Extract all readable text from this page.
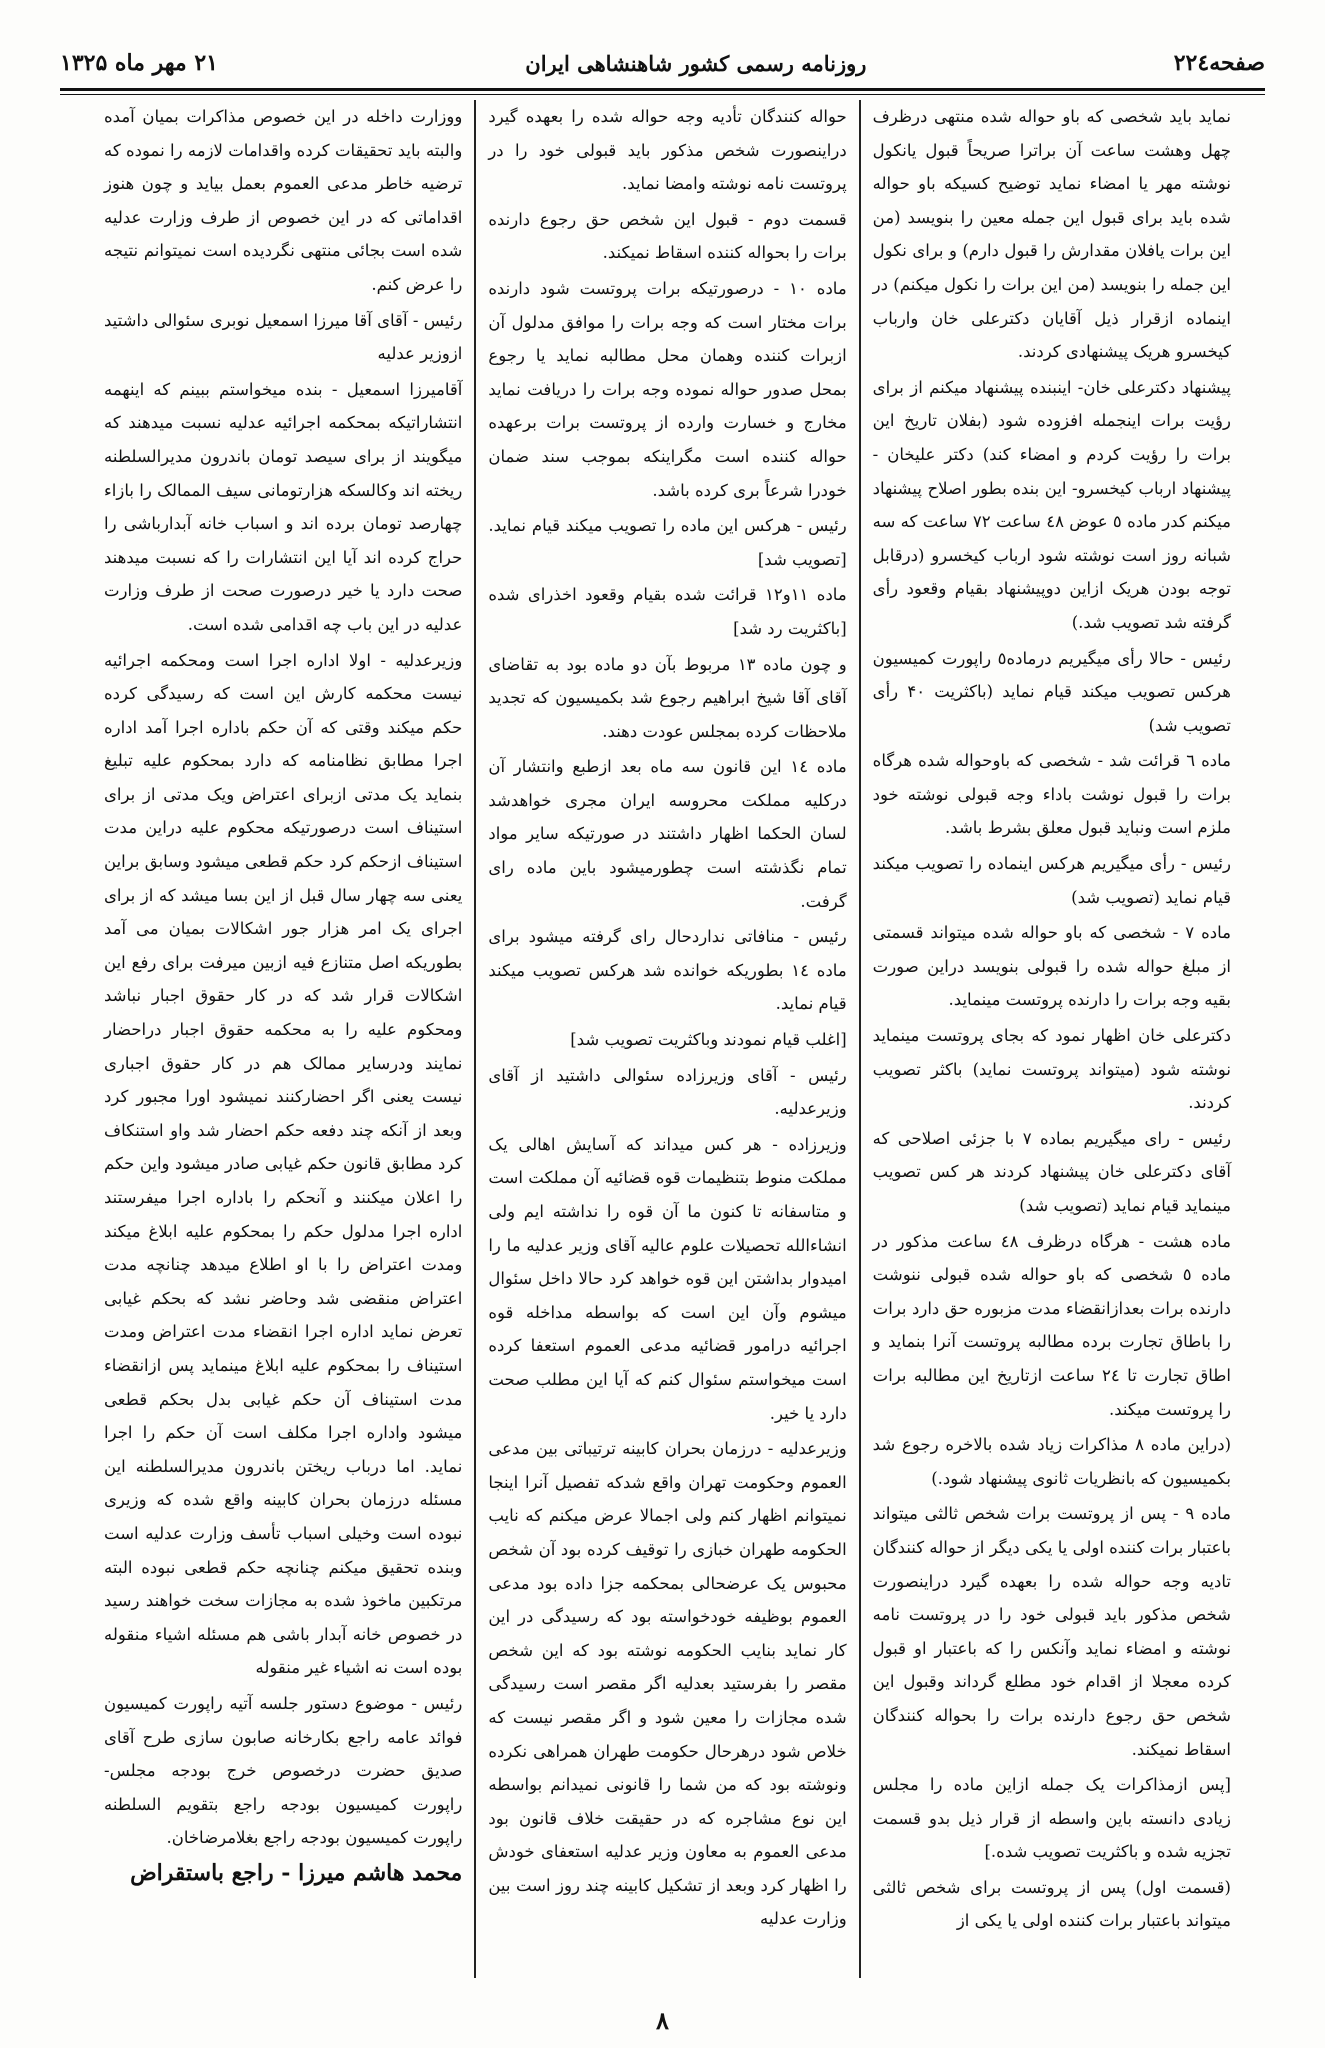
صفحه۲۲٤
روزنامه رسمی کشور شاهنشاهی ایران
۲۱ مهر ماه ۱۳۲۵

نماید باید شخصی که باو حواله شده منتهی درظرف چهل وهشت ساعت آن براترا صریحاً قبول یانکول نوشته مهر یا امضاء نماید توضیح کسیکه باو حواله شده باید برای قبول این جمله معین را بنویسد (من این برات یافلان مقدارش را قبول دارم) و برای نکول این جمله را بنویسد (من این برات را نکول میکنم) در اینماده ازقرار ذیل آقایان دکترعلی خان وارباب کیخسرو هریک پیشنهادی کردند.

پیشنهاد دکترعلی خان- اینبنده پیشنهاد میکنم از برای رؤیت برات اینجمله افزوده شود (بفلان تاریخ این برات را رؤیت کردم و امضاء کند) دکتر علیخان - پیشنهاد ارباب کیخسرو- این بنده بطور اصلاح پیشنهاد میکنم کدر ماده ٥ عوض ٤٨ ساعت ۷۲ ساعت که سه شبانه روز است نوشته شود ارباب کیخسرو (درقابل توجه بودن هریک ازاین دوپیشنهاد بقیام وقعود رأی گرفته شد تصویب شد.)

رئیس - حالا رأی میگیریم درماده٥ راپورت کمیسیون هرکس تصویب میکند قیام نماید (باکثریت ۴۰ رأی تصویب شد)

ماده ٦ قرائت شد - شخصی که باوحواله شده هرگاه برات را قبول نوشت باداء وجه قبولی نوشته خود ملزم است ونباید قبول معلق بشرط باشد.

رئیس - رأی میگیریم هرکس اینماده را تصویب میکند قیام نماید (تصویب شد)

ماده ۷ - شخصی که باو حواله شده میتواند قسمتی از مبلغ حواله شده را قبولی بنویسد دراین صورت بقیه وجه برات را دارنده پروتست مینماید.

دکترعلی خان اظهار نمود که بجای پروتست مینماید نوشته شود (میتواند پروتست نماید) باکثر تصویب کردند.

رئیس - رای میگیریم بماده ۷ با جزئی اصلاحی که آقای دکترعلی خان پیشنهاد کردند هر کس تصویب مینماید قیام نماید (تصویب شد)

ماده هشت - هرگاه درظرف ٤٨ ساعت مذکور در ماده ٥ شخصی که باو حواله شده قبولی ننوشت دارنده برات بعدازانقضاء مدت مزبوره حق دارد برات را باطاق تجارت برده مطالبه پروتست آنرا بنماید و اطاق تجارت تا ۲٤ ساعت ازتاریخ این مطالبه برات را پروتست میکند.

(دراین ماده ۸ مذاکرات زیاد شده بالاخره رجوع شد بکمیسیون که بانظریات ثانوی پیشنهاد شود.)

ماده ۹ - پس از پروتست برات شخص ثالثی میتواند باعتبار برات کننده اولی یا یکی دیگر از حواله کنندگان تادیه وجه حواله شده را بعهده گیرد دراینصورت شخص مذکور باید قبولی خود را در پروتست نامه نوشته و امضاء نماید وآنکس را که باعتبار او قبول کرده معجلا از اقدام خود مطلع گرداند وقبول این شخص حق رجوع دارنده برات را بحواله کنندگان اسقاط نمیکند.

[پس ازمذاکرات یک جمله ازاین ماده را مجلس زیادی دانسته باین واسطه از قرار ذیل بدو قسمت تجزیه شده و باکثریت تصویب شده.]

(قسمت اول) پس از پروتست برای شخص ثالثی میتواند باعتبار برات کننده اولی یا یکی از

حواله کنندگان تأدیه وجه حواله شده را بعهده گیرد دراینصورت شخص مذکور باید قبولی خود را در پروتست نامه نوشته وامضا نماید.

قسمت دوم - قبول این شخص حق رجوع دارنده برات را بحواله کننده اسقاط نمیکند.

ماده ۱۰ - درصورتیکه برات پروتست شود دارنده برات مختار است که وجه برات را موافق مدلول آن ازبرات کننده وهمان محل مطالبه نماید یا رجوع بمحل صدور حواله نموده وجه برات را دریافت نماید مخارج و خسارت وارده از پروتست برات برعهده حواله کننده است مگراینکه بموجب سند ضمان خودرا شرعاً بری کرده باشد.

رئیس - هرکس این ماده را تصویب میکند قیام نماید. [تصویب شد]

ماده ۱۱و۱۲ قرائت شده بقیام وقعود اخذرای شده [باکثریت رد شد]

و چون ماده ۱۳ مربوط بآن دو ماده بود به تقاضای آقای آقا شیخ ابراهیم رجوع شد بکمیسیون که تجدید ملاحظات کرده بمجلس عودت دهند.

ماده ۱٤ این قانون سه ماه بعد ازطبع وانتشار آن درکلیه مملکت محروسه ایران مجری خواهدشد لسان الحکما اظهار داشتند در صورتیکه سایر مواد تمام نگذشته است چطورمیشود باین ماده رای گرفت.

رئیس - منافاتی نداردحال رای گرفته میشود برای ماده ۱٤ بطوریکه خوانده شد هرکس تصویب میکند قیام نماید.

[اغلب قیام نمودند وباکثریت تصویب شد]

رئیس - آقای وزیرزاده سئوالی داشتید از آقای وزیرعدلیه.

وزیرزاده - هر کس میداند که آسایش اهالی یک مملکت منوط بتنظیمات قوه قضائیه آن مملکت است و متاسفانه تا کنون ما آن قوه را نداشته ایم ولی انشاءالله تحصیلات علوم عالیه آقای وزیر عدلیه ما را امیدوار بداشتن این قوه خواهد کرد حالا داخل سئوال میشوم وآن این است که بواسطه مداخله قوه اجرائیه درامور قضائیه مدعی العموم استعفا کرده است میخواستم سئوال کنم که آیا این مطلب صحت دارد یا خیر.

وزیرعدلیه - درزمان بحران کابینه ترتیباتی بین مدعی العموم وحکومت تهران واقع شدکه تفصیل آنرا اینجا نمیتوانم اظهار کنم ولی اجمالا عرض میکنم که نایب الحکومه طهران خبازی را توقیف کرده بود آن شخص محبوس یک عرضحالی بمحکمه جزا داده بود مدعی العموم بوظیفه خودخواسته بود که رسیدگی در این کار نماید بنایب الحکومه نوشته بود که این شخص مقصر را بفرستید بعدلیه اگر مقصر است رسیدگی شده مجازات را معین شود و اگر مقصر نیست که خلاص شود درهرحال حکومت طهران همراهی نکرده ونوشته بود که من شما را قانونی نمیدانم بواسطه این نوع مشاجره که در حقیقت خلاف قانون بود مدعی العموم به معاون وزیر عدلیه استعفای خودش را اظهار کرد وبعد از تشکیل کابینه چند روز است بین وزارت عدلیه

ووزارت داخله در این خصوص مذاکرات بمیان آمده والبته باید تحقیقات کرده واقدامات لازمه را نموده که ترضیه خاطر مدعی العموم بعمل بیاید و چون هنوز اقداماتی که در این خصوص از طرف وزارت عدلیه شده است بجائی منتهی نگردیده است نمیتوانم نتیجه را عرض کنم.

رئیس - آقای آقا میرزا اسمعیل نوبری سئوالی داشتید ازوزیر عدلیه

آقامیرزا اسمعیل - بنده میخواستم ببینم که اینهمه انتشاراتیکه بمحکمه اجرائیه عدلیه نسبت میدهند که میگویند از برای سیصد تومان باندرون مدیرالسلطنه ریخته اند وکالسکه هزارتومانی سیف الممالک را بازاء چهارصد تومان برده اند و اسباب خانه آبدارباشی را حراج کرده اند آیا این انتشارات را که نسبت میدهند صحت دارد یا خیر درصورت صحت از طرف وزارت عدلیه در این باب چه اقدامی شده است.

وزیرعدلیه - اولا اداره اجرا است ومحکمه اجرائیه نیست محکمه کارش این است که رسیدگی کرده حکم میکند وقتی که آن حکم باداره اجرا آمد اداره اجرا مطابق نظامنامه که دارد بمحکوم علیه تبلیغ بنماید یک مدتی ازبرای اعتراض ویک مدتی از برای استیناف است درصورتیکه محکوم علیه دراین مدت استیناف ازحکم کرد حکم قطعی میشود وسابق براین یعنی سه چهار سال قبل از این بسا میشد که از برای اجرای یک امر هزار جور اشکالات بمیان می آمد بطوریکه اصل متنازع فیه ازبین میرفت برای رفع این اشکالات قرار شد که در کار حقوق اجبار نباشد ومحکوم علیه را به محکمه حقوق اجبار دراحضار نمایند ودرسایر ممالک هم در کار حقوق اجباری نیست یعنی اگر احضارکنند نمیشود اورا مجبور کرد وبعد از آنکه چند دفعه حکم احضار شد واو استنکاف کرد مطابق قانون حکم غیابی صادر میشود واین حکم را اعلان میکنند و آنحکم را باداره اجرا میفرستند اداره اجرا مدلول حکم را بمحکوم علیه ابلاغ میکند ومدت اعتراض را با او اطلاع میدهد چنانچه مدت اعتراض منقضی شد وحاضر نشد که بحکم غیابی تعرض نماید اداره اجرا انقضاء مدت اعتراض ومدت استیناف را بمحکوم علیه ابلاغ مینماید پس ازانقضاء مدت استیناف آن حکم غیابی بدل بحکم قطعی میشود واداره اجرا مکلف است آن حکم را اجرا نماید. اما درباب ریختن باندرون مدیرالسلطنه این مسئله درزمان بحران کابینه واقع شده که وزیری نبوده است وخیلی اسباب تأسف وزارت عدلیه است وبنده تحقیق میکنم چنانچه حکم قطعی نبوده البته مرتکبین ماخوذ شده به مجازات سخت خواهند رسید در خصوص خانه آبدار باشی هم مسئله اشیاء منقوله بوده است نه اشیاء غیر منقوله

رئیس - موضوع دستور جلسه آتیه راپورت کمیسیون فوائد عامه راجع بکارخانه صابون سازی طرح آقای صدیق حضرت درخصوص خرج بودجه مجلس- راپورت کمیسیون بودجه راجع بتقویم السلطنه راپورت کمیسیون بودجه راجع بغلامرضاخان.

محمد هاشم میرزا - راجع باستقراض

۸
